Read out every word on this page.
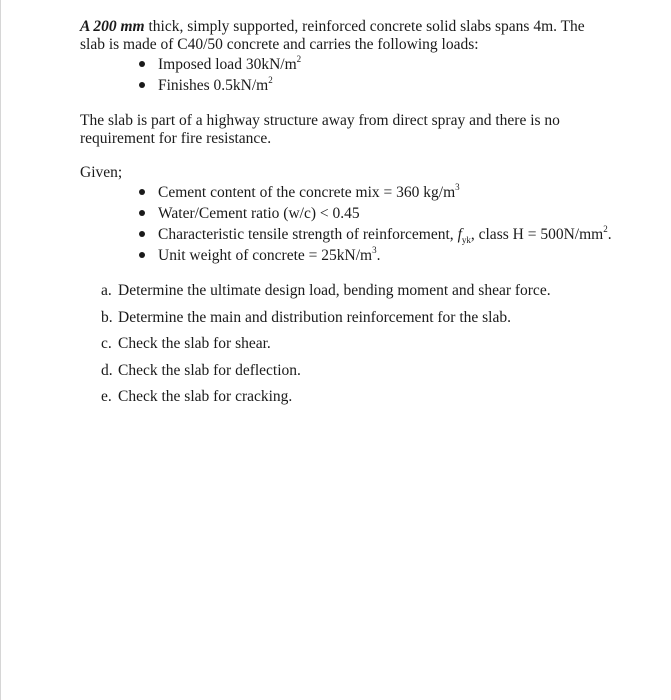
A 200 mm thick, simply supported, reinforced concrete solid slabs spans 4m. The
slab is made of C40/50 concrete and carries the following loads:

Imposed load $30kN/m^2$
Finishes $0.5kN/m^2$

The slab is part of a highway structure away from direct spray and there is no
requirement for fire resistance.

Given;

Cement content of the concrete mix = 360 $kg/m^3$
Water/Cement ratio (w/c) < 0.45
Characteristic tensile strength of reinforcement, $f_{yk}$, class $H = 500N/mm^2$.
Unit weight of concrete = $25kN/m^3$.
a. Determine the ultimate design load, bending moment and shear force.
b. Determine the main and distribution reinforcement for the slab.
c. Check the slab for shear.
d. Check the slab for deflection.
e. Check the slab for cracking.
